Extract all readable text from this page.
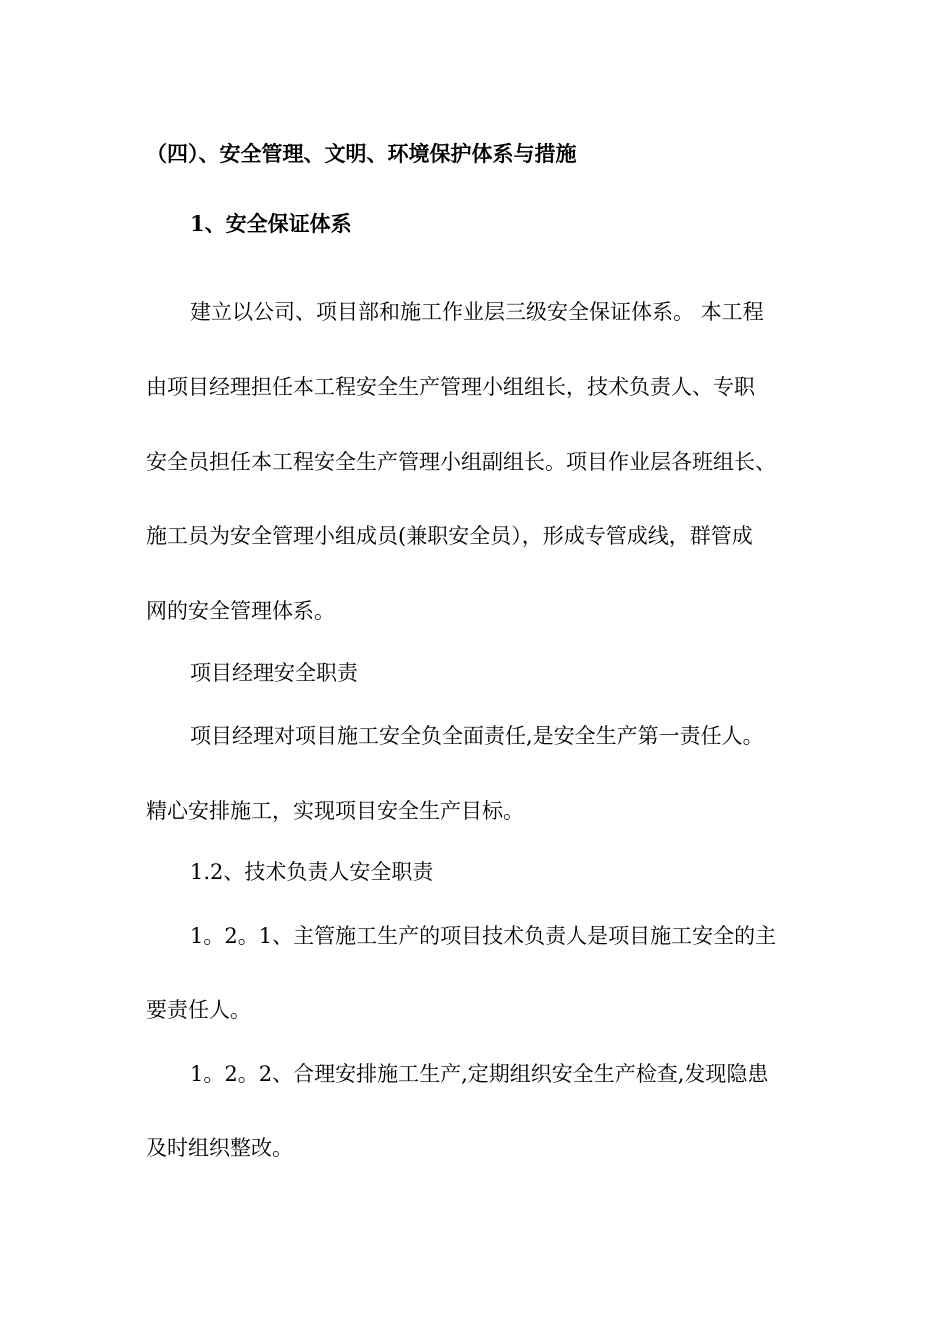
（四）、安全管理、文明、环境保护体系与措施
1、安全保证体系
建立以公司、项目部和施工作业层三级安全保证体系。 本工程
由项目经理担任本工程安全生产管理小组组长，技术负责人、专职
安全员担任本工程安全生产管理小组副组长。项目作业层各班组长、
施工员为安全管理小组成员(兼职安全员），形成专管成线，群管成
网的安全管理体系。
项目经理安全职责
项目经理对项目施工安全负全面责任,是安全生产第一责任人。
精心安排施工，实现项目安全生产目标。
1.2、技术负责人安全职责
1。2。1、主管施工生产的项目技术负责人是项目施工安全的主
要责任人。
1。2。2、合理安排施工生产,定期组织安全生产检查,发现隐患
及时组织整改。
